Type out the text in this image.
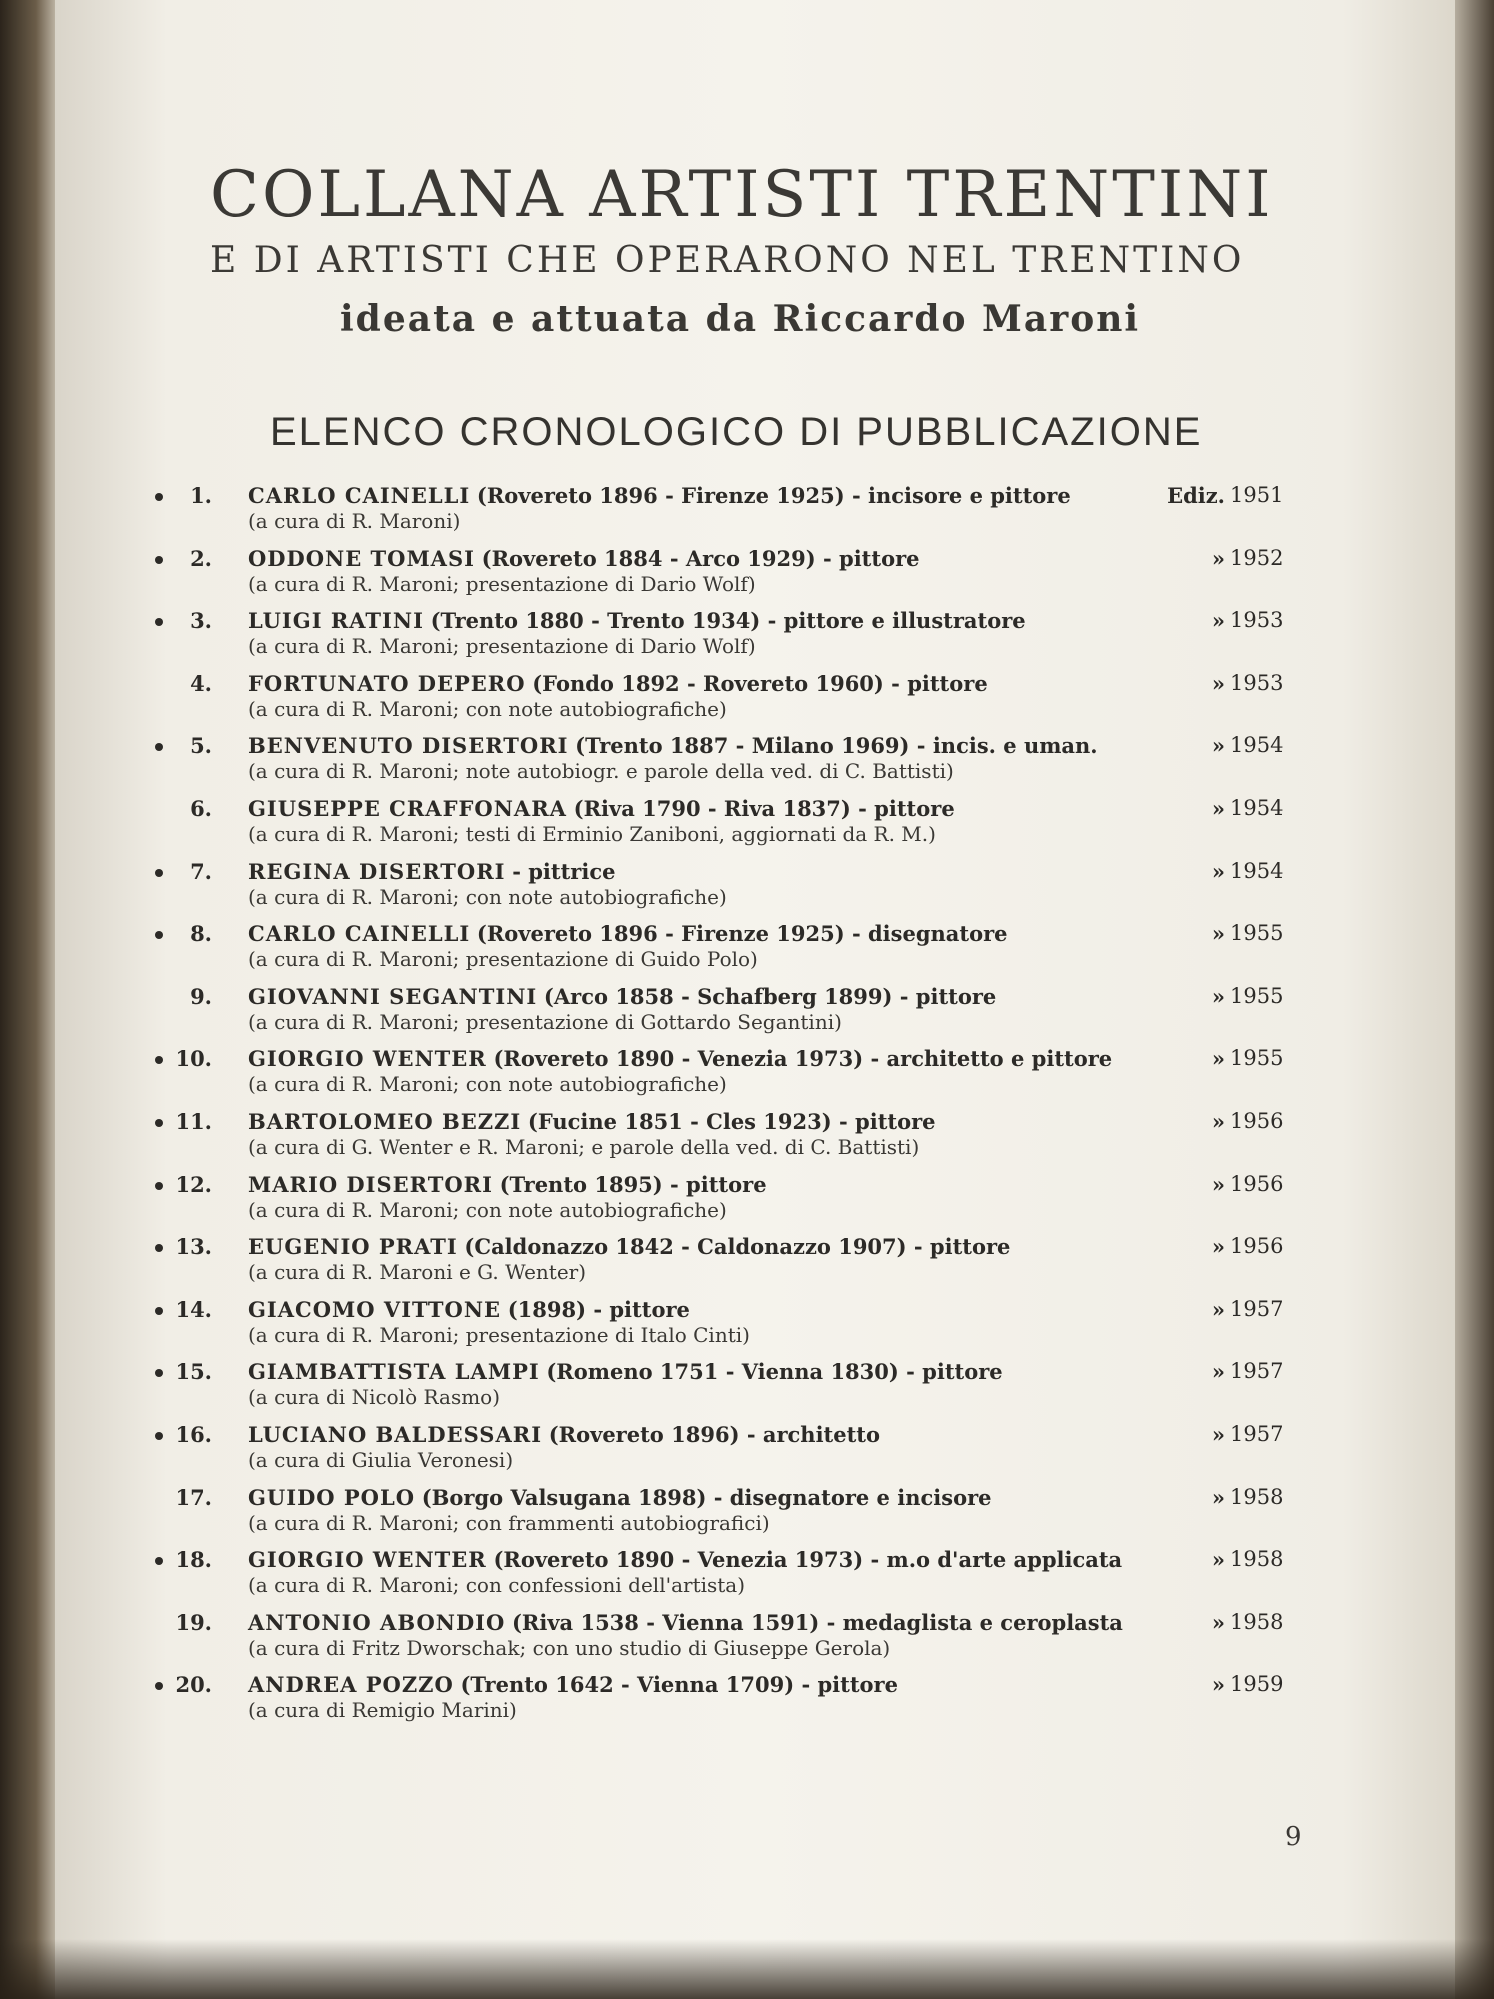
COLLANA ARTISTI TRENTINI
E DI ARTISTI CHE OPERARONO NEL TRENTINO
ideata e attuata da Riccardo Maroni
ELENCO CRONOLOGICO DI PUBBLICAZIONE
1. CARLO CAINELLI (Rovereto 1896 - Firenze 1925) - incisore e pittore
(a cura di R. Maroni)
Ediz. 1951
2. ODDONE TOMASI (Rovereto 1884 - Arco 1929) - pittore
(a cura di R. Maroni; presentazione di Dario Wolf)
» 1952
3. LUIGI RATINI (Trento 1880 - Trento 1934) - pittore e illustratore
(a cura di R. Maroni; presentazione di Dario Wolf)
» 1953
4. FORTUNATO DEPERO (Fondo 1892 - Rovereto 1960) - pittore
(a cura di R. Maroni; con note autobiografiche)
» 1953
5. BENVENUTO DISERTORI (Trento 1887 - Milano 1969) - incis. e uman.
(a cura di R. Maroni; note autobiogr. e parole della ved. di C. Battisti)
» 1954
6. GIUSEPPE CRAFFONARA (Riva 1790 - Riva 1837) - pittore
(a cura di R. Maroni; testi di Erminio Zaniboni, aggiornati da R. M.)
» 1954
7. REGINA DISERTORI - pittrice
(a cura di R. Maroni; con note autobiografiche)
» 1954
8. CARLO CAINELLI (Rovereto 1896 - Firenze 1925) - disegnatore
(a cura di R. Maroni; presentazione di Guido Polo)
» 1955
9. GIOVANNI SEGANTINI (Arco 1858 - Schafberg 1899) - pittore
(a cura di R. Maroni; presentazione di Gottardo Segantini)
» 1955
10. GIORGIO WENTER (Rovereto 1890 - Venezia 1973) - architetto e pittore
(a cura di R. Maroni; con note autobiografiche)
» 1955
11. BARTOLOMEO BEZZI (Fucine 1851 - Cles 1923) - pittore
(a cura di G. Wenter e R. Maroni; e parole della ved. di C. Battisti)
» 1956
12. MARIO DISERTORI (Trento 1895) - pittore
(a cura di R. Maroni; con note autobiografiche)
» 1956
13. EUGENIO PRATI (Caldonazzo 1842 - Caldonazzo 1907) - pittore
(a cura di R. Maroni e G. Wenter)
» 1956
14. GIACOMO VITTONE (1898) - pittore
(a cura di R. Maroni; presentazione di Italo Cinti)
» 1957
15. GIAMBATTISTA LAMPI (Romeno 1751 - Vienna 1830) - pittore
(a cura di Nicolò Rasmo)
» 1957
16. LUCIANO BALDESSARI (Rovereto 1896) - architetto
(a cura di Giulia Veronesi)
» 1957
17. GUIDO POLO (Borgo Valsugana 1898) - disegnatore e incisore
(a cura di R. Maroni; con frammenti autobiografici)
» 1958
18. GIORGIO WENTER (Rovereto 1890 - Venezia 1973) - m.o d'arte applicata
(a cura di R. Maroni; con confessioni dell'artista)
» 1958
19. ANTONIO ABONDIO (Riva 1538 - Vienna 1591) - medaglista e ceroplasta
(a cura di Fritz Dworschak; con uno studio di Giuseppe Gerola)
» 1958
20. ANDREA POZZO (Trento 1642 - Vienna 1709) - pittore
(a cura di Remigio Marini)
» 1959
9
